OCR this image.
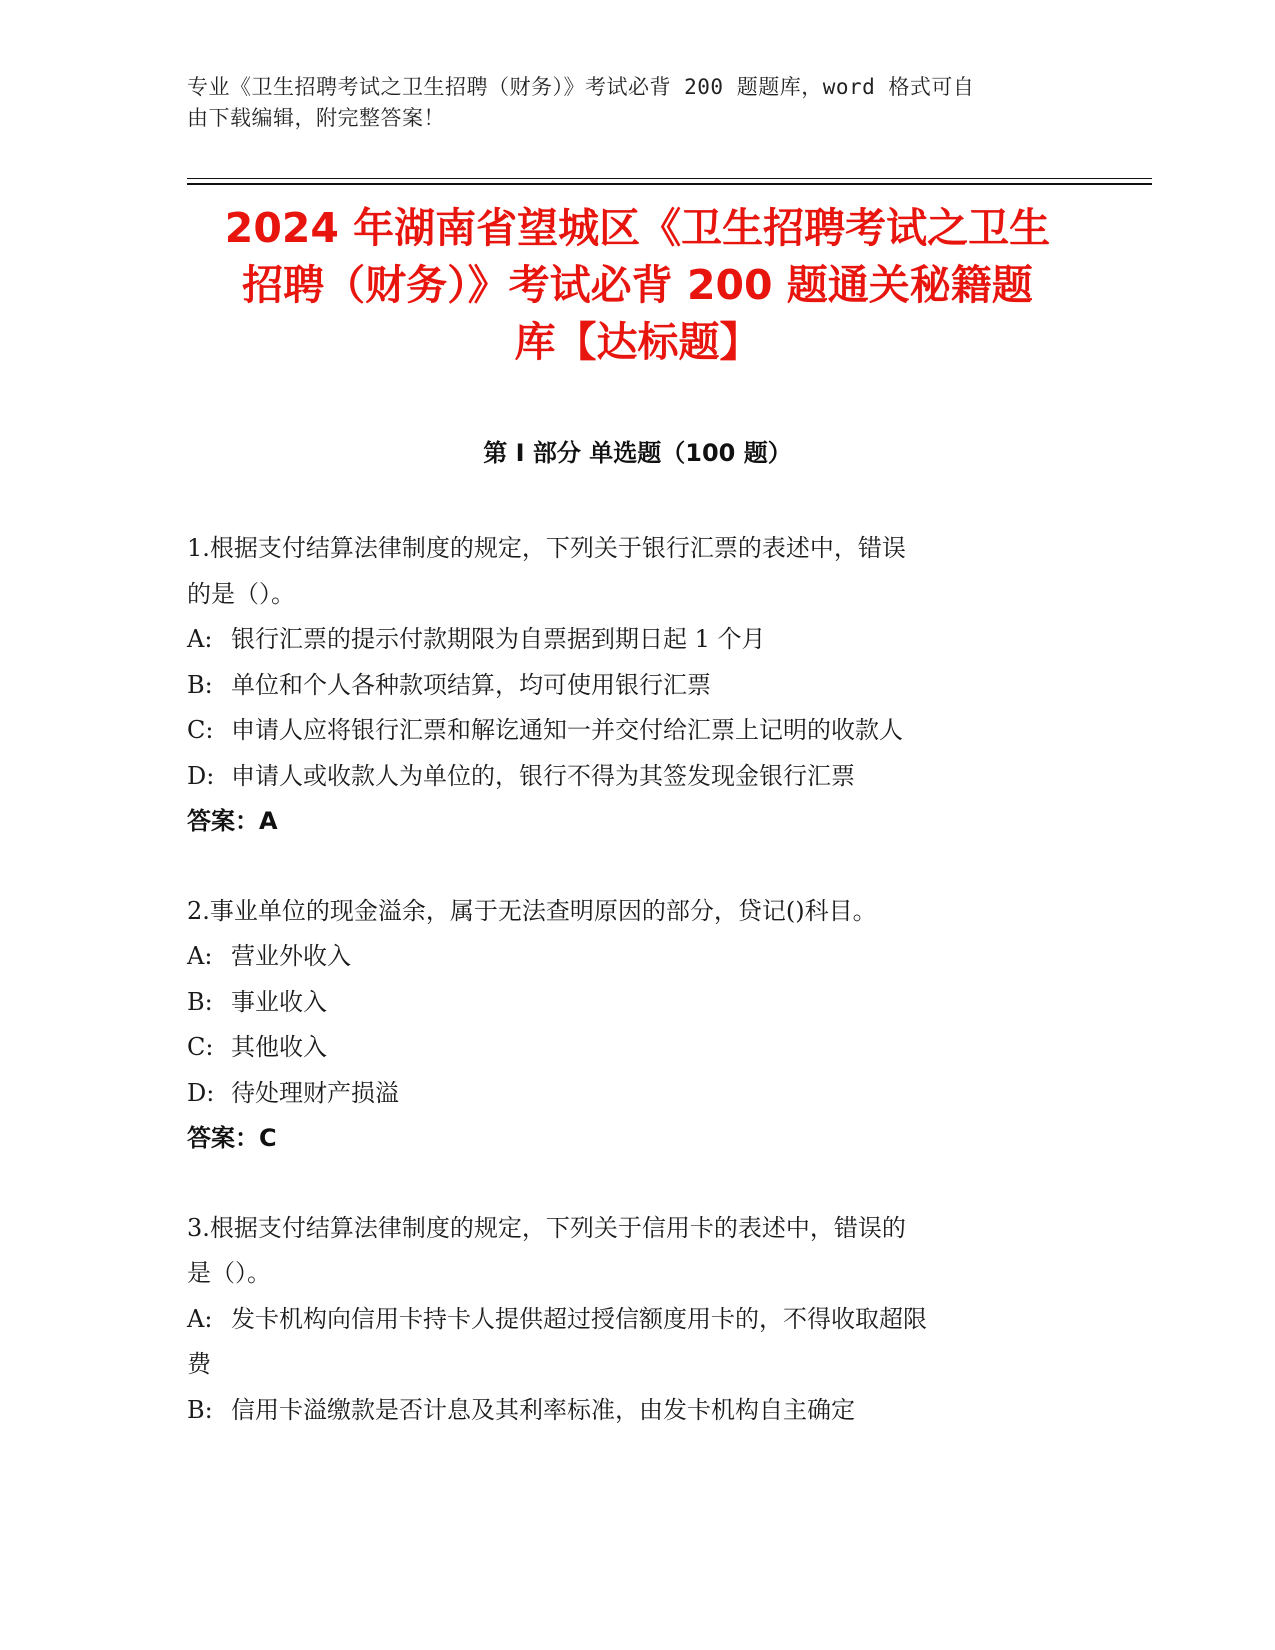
专业《卫生招聘考试之卫生招聘（财务）》考试必背 200 题题库，word 格式可自
由下载编辑，附完整答案！
2024 年湖南省望城区《卫生招聘考试之卫生
招聘（财务）》考试必背 200 题通关秘籍题
库【达标题】
第 I 部分 单选题（100 题）

1.根据支付结算法律制度的规定，下列关于银行汇票的表述中，错误

的是（）。

A: 银行汇票的提示付款期限为自票据到期日起 1 个月

B: 单位和个人各种款项结算，均可使用银行汇票

C: 申请人应将银行汇票和解讫通知一并交付给汇票上记明的收款人

D: 申请人或收款人为单位的，银行不得为其签发现金银行汇票

答案：A

2.事业单位的现金溢余，属于无法查明原因的部分，贷记()科目。

A: 营业外收入

B: 事业收入

C: 其他收入

D: 待处理财产损溢

答案：C

3.根据支付结算法律制度的规定，下列关于信用卡的表述中，错误的

是（）。

A: 发卡机构向信用卡持卡人提供超过授信额度用卡的，不得收取超限

费

B: 信用卡溢缴款是否计息及其利率标准，由发卡机构自主确定
